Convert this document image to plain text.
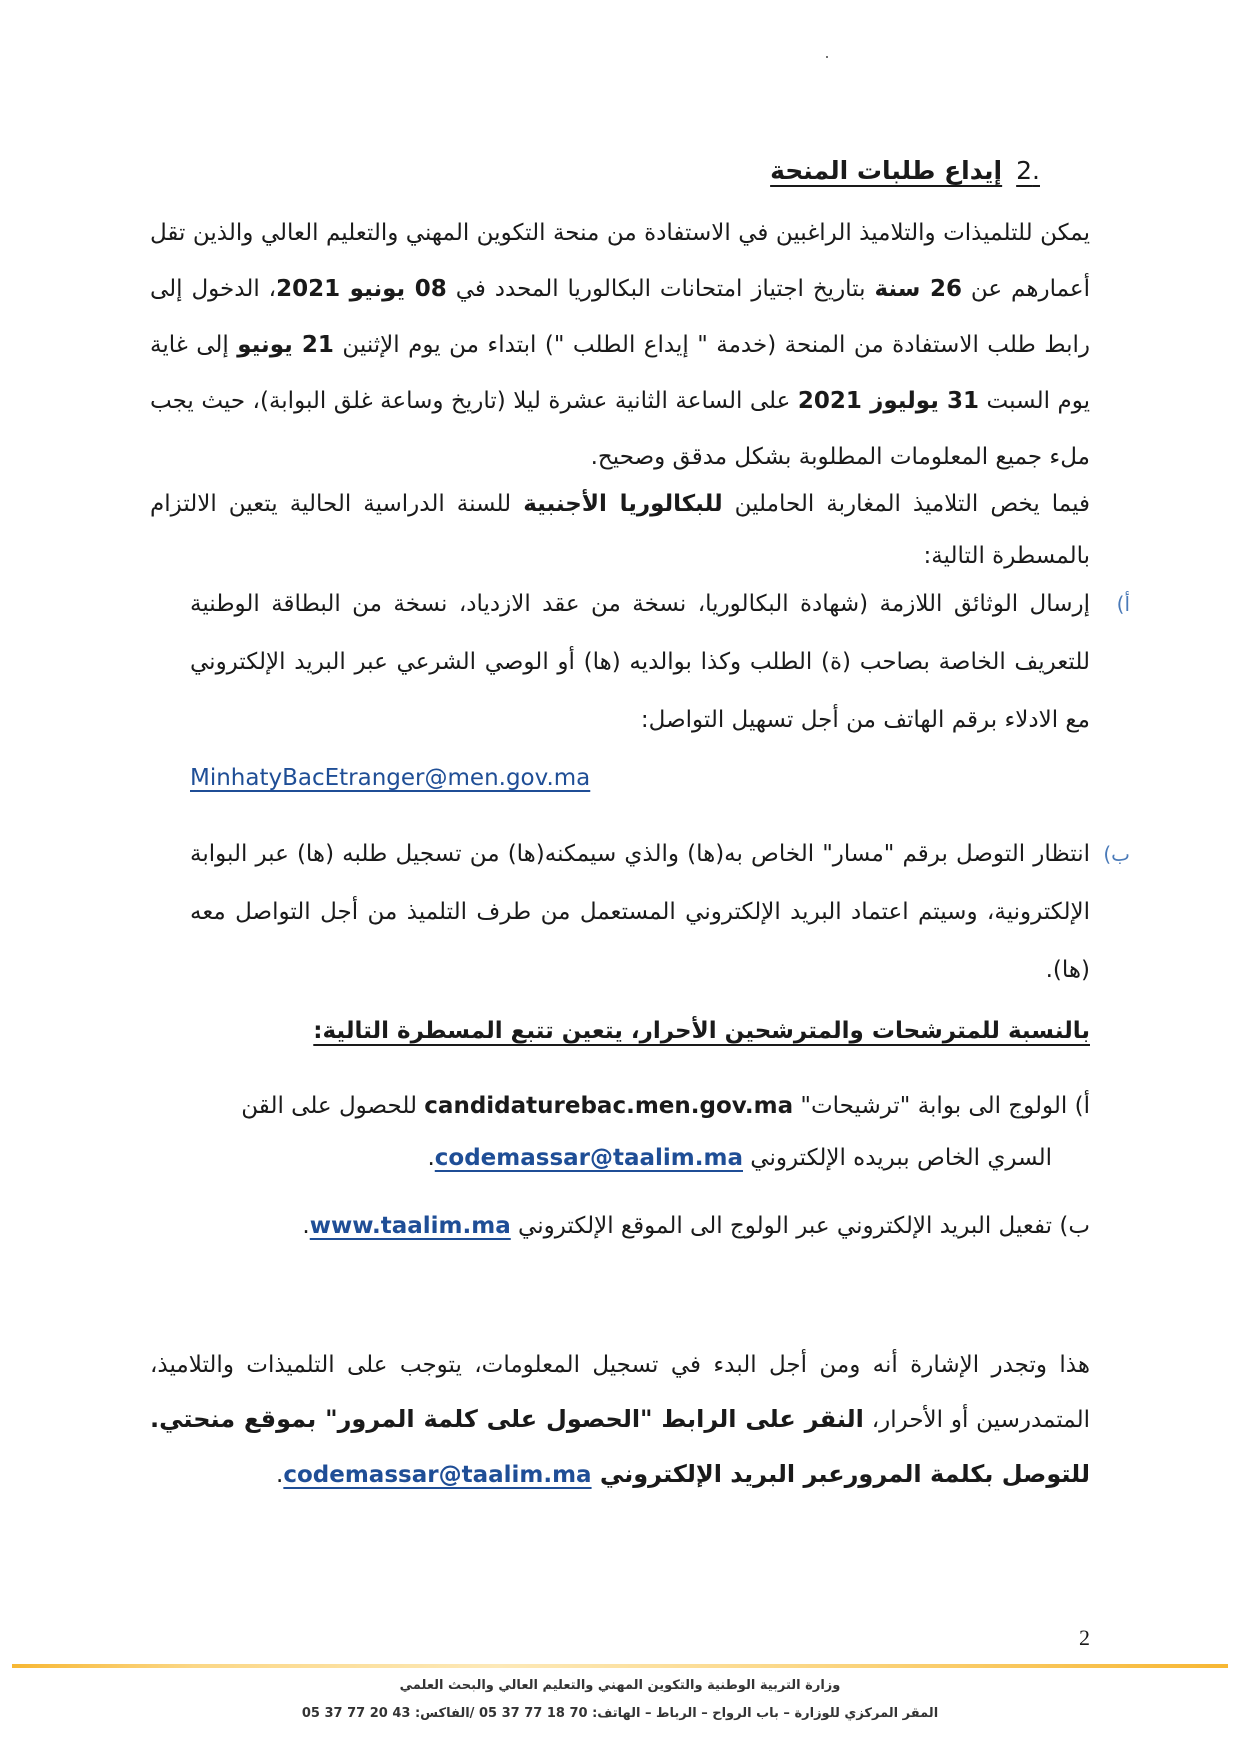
.2إيداع طلبات المنحة
يمكن للتلميذات والتلاميذ الراغبين في الاستفادة من منحة التكوين المهني والتعليم العالي والذين تقل أعمارهم عن 26 سنة بتاريخ اجتياز امتحانات البكالوريا المحدد في 08 يونيو 2021، الدخول إلى رابط طلب الاستفادة من المنحة (خدمة " إيداع الطلب ") ابتداء من يوم الإثنين 21 يونيو إلى غاية يوم السبت 31 يوليوز 2021 على الساعة الثانية عشرة ليلا (تاريخ وساعة غلق البوابة)، حيث يجب ملء جميع المعلومات المطلوبة بشكل مدقق وصحيح.
فيما يخص التلاميذ المغاربة الحاملين للبكالوريا الأجنبية للسنة الدراسية الحالية يتعين الالتزام بالمسطرة التالية:
أ)
إرسال الوثائق اللازمة (شهادة البكالوريا، نسخة من عقد الازدياد، نسخة من البطاقة الوطنية للتعريف الخاصة بصاحب (ة) الطلب وكذا بوالديه (ها) أو الوصي الشرعي عبر البريد الإلكتروني مع الادلاء برقم الهاتف من أجل تسهيل التواصل:
MinhatyBacEtranger@men.gov.ma
ب)
انتظار التوصل برقم "مسار" الخاص به(ها) والذي سيمكنه(ها) من تسجيل طلبه (ها) عبر البوابة الإلكترونية، وسيتم اعتماد البريد الإلكتروني المستعمل من طرف التلميذ من أجل التواصل معه (ها).
بالنسبة للمترشحات والمترشحين الأحرار، يتعين تتبع المسطرة التالية:
أ) الولوج الى بوابة "ترشيحات" candidaturebac.men.gov.ma للحصول على القن
السري الخاص ببريده الإلكتروني codemassar@taalim.ma.
ب) تفعيل البريد الإلكتروني عبر الولوج الى الموقع الإلكتروني www.taalim.ma.
هذا وتجدر الإشارة أنه ومن أجل البدء في تسجيل المعلومات، يتوجب على التلميذات والتلاميذ، المتمدرسين أو الأحرار، النقر على الرابط "الحصول على كلمة المرور" بموقع منحتي. للتوصل بكلمة المرورعبر البريد الإلكتروني codemassar@taalim.ma.
2
وزارة التربية الوطنية والتكوين المهني والتعليم العالي والبحث العلمي
المقر المركزي للوزارة – باب الرواح – الرباط – الهاتف: 70 18 77 37 05 /الفاكس: 43 20 77 37 05
